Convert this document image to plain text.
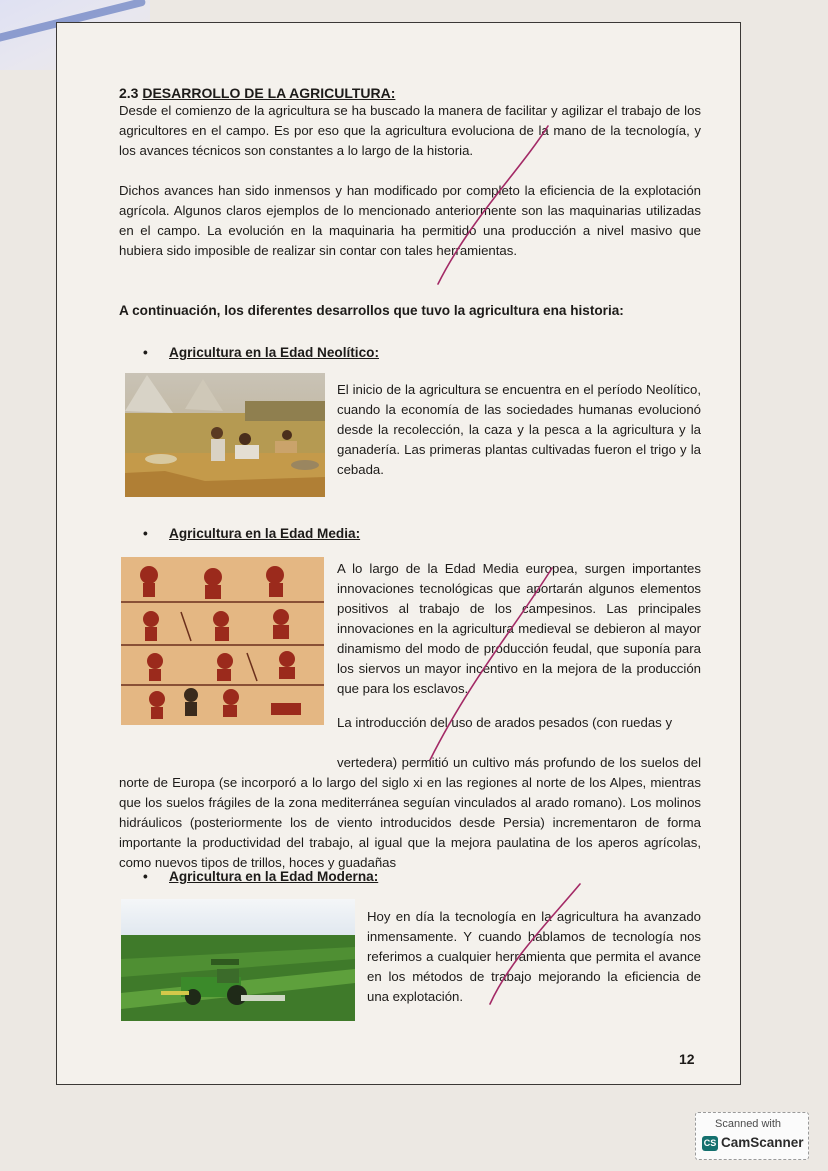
2.3 DESARROLLO DE LA AGRICULTURA:
Desde el comienzo de la agricultura se ha buscado la manera de facilitar y agilizar el trabajo de los agricultores en el campo. Es por eso que la agricultura evoluciona de la mano de la tecnología, y los avances técnicos son constantes a lo largo de la historia.
Dichos avances han sido inmensos y han modificado por completo la eficiencia de la explotación agrícola. Algunos claros ejemplos de lo mencionado anteriormente son las maquinarias utilizadas en el campo. La evolución en la maquinaria ha permitido una producción a nivel masivo que hubiera sido imposible de realizar sin contar con tales herramientas.
A continuación, los diferentes desarrollos que tuvo la agricultura ena historia:
• Agricultura en la Edad Neolítico:
El inicio de la agricultura se encuentra en el período Neolítico, cuando la economía de las sociedades humanas evolucionó desde la recolección, la caza y la pesca a la agricultura y la ganadería. Las primeras plantas cultivadas fueron el trigo y la cebada.
• Agricultura en la Edad Media:
A lo largo de la Edad Media europea, surgen importantes innovaciones tecnológicas que aportarán algunos elementos positivos al trabajo de los campesinos. Las principales innovaciones en la agricultura medieval se debieron al mayor dinamismo del modo de producción feudal, que suponía para los siervos un mayor incentivo en la mejora de la producción que para los esclavos.
La introducción del uso de arados pesados (con ruedas y
vertedera) permitió un cultivo más profundo de los suelos del norte de Europa (se incorporó a lo largo del siglo xi en las regiones al norte de los Alpes, mientras que los suelos frágiles de la zona mediterránea seguían vinculados al arado romano). Los molinos hidráulicos (posteriormente los de viento introducidos desde Persia) incrementaron de forma importante la productividad del trabajo, al igual que la mejora paulatina de los aperos agrícolas, como nuevos tipos de trillos, hoces y guadañas
• Agricultura en la Edad Moderna:
Hoy en día la tecnología en la agricultura ha avanzado inmensamente. Y cuando hablamos de tecnología nos referimos a cualquier herramienta que permita el avance en los métodos de trabajo mejorando la eficiencia de una explotación.
12
Scanned with
CS CamScanner
